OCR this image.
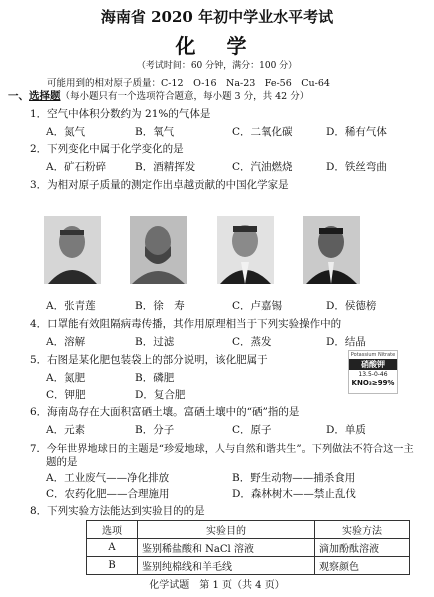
海南省 2020 年初中学业水平考试
化 学
（考试时间：60 分钟，满分：100 分）
可能用到的相对原子质量：C-12　O-16　Na-23　Fe-56　Cu-64
一、选择题（每小题只有一个选项符合题意，每小题 3 分，共 42 分）
1．空气中体积分数约为 21%的气体是
A．氮气	B．氧气	C．二氧化碳	D．稀有气体
2．下列变化中属于化学变化的是
A．矿石粉碎	B．酒精挥发	C．汽油燃烧	D．铁丝弯曲
3．为相对原子质量的测定作出卓越贡献的中国化学家是
A．张青莲	B．徐　寿	C．卢嘉锡	D．侯德榜
4．口罩能有效阻隔病毒传播，其作用原理相当于下列实验操作中的
A．溶解	B．过滤	C．蒸发	D．结晶
5．右图是某化肥包装袋上的部分说明，该化肥属于
A．氮肥	B．磷肥
C．钾肥	D．复合肥
Potassium Nitrate
硝酸钾
13.5-0-46
KNO₃≥99%
6．海南岛存在大面积富硒土壤。富硒土壤中的“硒”指的是
A．元素	B．分子	C．原子	D．单质
7．今年世界地球日的主题是“珍爱地球，人与自然和谐共生”。下列做法不符合这一主
题的是
A．工业废气——净化排放	B．野生动物——捕杀食用
C．农药化肥——合理施用	D．森林树木——禁止乱伐
8．下列实验方法能达到实验目的的是
选项	实验目的	实验方法
A	鉴别稀盐酸和 NaCl 溶液	滴加酚酞溶液
B	鉴别纯棉线和羊毛线	观察颜色
化学试题　第 1 页（共 4 页）
